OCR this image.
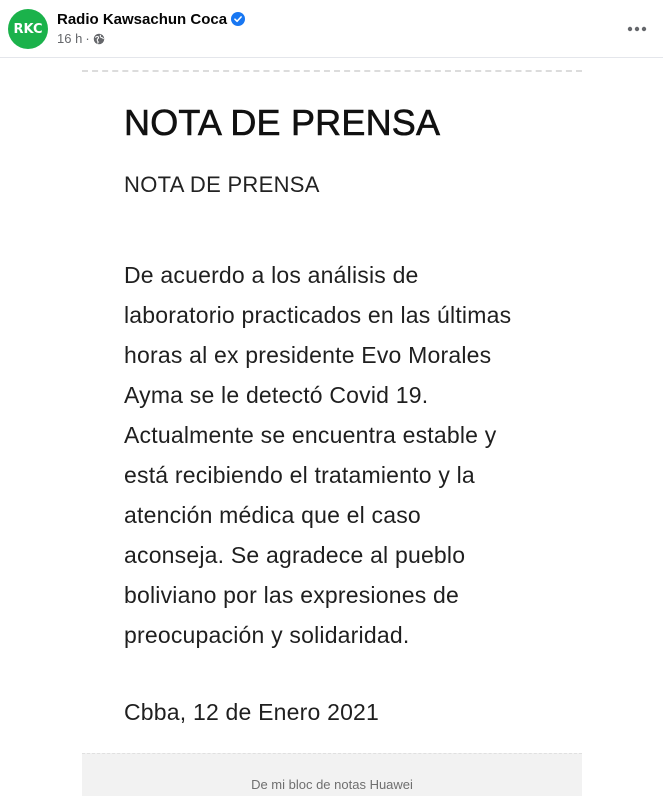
RKC
Radio Kawsachun Coca
16 h ·
NOTA DE PRENSA
NOTA DE PRENSA
De acuerdo a los análisis de
laboratorio practicados en las últimas
horas al ex presidente Evo Morales
Ayma se le detectó Covid 19.
Actualmente se encuentra estable y
está recibiendo el tratamiento y la
atención médica que el caso
aconseja. Se agradece al pueblo
boliviano por las expresiones de
preocupación y solidaridad.
Cbba, 12 de Enero 2021
De mi bloc de notas Huawei
